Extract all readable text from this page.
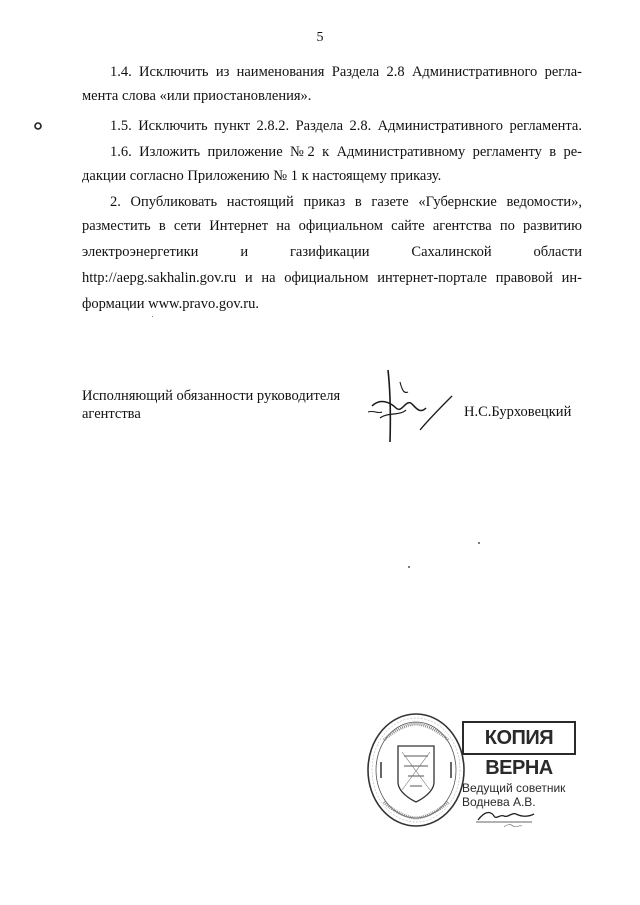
5

1.4. Исключить из наименования Раздела 2.8 Административного регла-

мента слова «или приостановления».

1.5. Исключить пункт 2.8.2. Раздела 2.8. Административного регламента.

1.6. Изложить приложение №2 к Административному регламенту в ре-

дакции согласно Приложению № 1 к настоящему приказу.

2. Опубликовать настоящий приказ в газете «Губернские ведомости»,

разместить в сети Интернет на официальном сайте агентства по развитию

электроэнергетики и газификации Сахалинской области

http://aepg.sakhalin.gov.ru и на официальном интернет-портале правовой ин-

формации www.pravo.gov.ru.

Исполняющий обязанности руководителя
агентства	Н.С.Бурховецкий
КОПИЯ ВЕРНА
Ведущий советник
Воднева А.В.
